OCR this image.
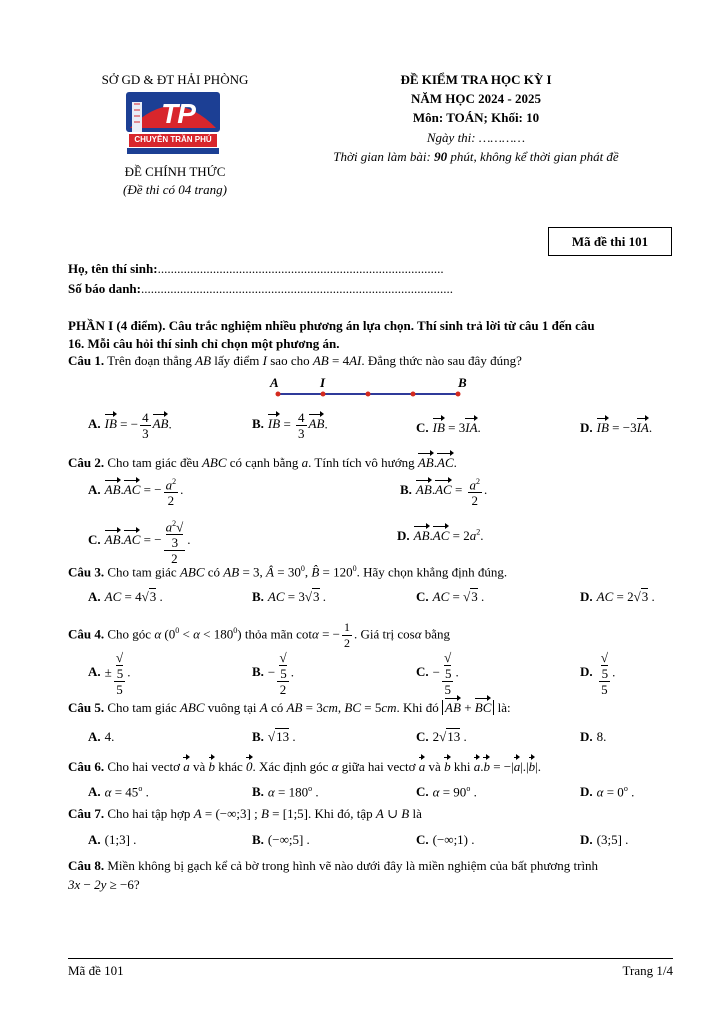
SỞ GD & ĐT HẢI PHÒNG
TP
CHUYÊN TRẦN PHÚ
ĐỀ CHÍNH THỨC
(Đề thi có 04 trang)
ĐỀ KIỂM TRA HỌC KỲ I
NĂM HỌC 2024 - 2025
Môn: TOÁN; Khối: 10
Ngày thi: …………
Thời gian làm bài: 90 phút, không kể thời gian phát đề
Mã đề thi 101
Họ, tên thí sinh:........................................................................................
Số báo danh:................................................................................................
PHẦN I (4 điểm). Câu trắc nghiệm nhiều phương án lựa chọn. Thí sinh trả lời từ câu 1 đến câu
16. Mỗi câu hỏi thí sinh chỉ chọn một phương án.
Câu 1. Trên đoạn thẳng AB lấy điểm I sao cho AB = 4AI. Đẳng thức nào sau đây đúng?
A	I	B
A. IB = − $\frac{4}{3}$ AB.	B. IB = $\frac{4}{3}$ AB.	C. IB = 3IA.	D. IB = −3IA.
Câu 2. Cho tam giác đều ABC có cạnh bằng a. Tính tích vô hướng AB.AC.
A. AB.AC = − $\frac{a^2}{2}$ .	B. $AB.AC = \frac{a^2}{2}$ .
C. AB.AC = − $a^2√$
3
2 .	D. $AB.AC = 2a^2$.
Câu 3. Cho tam giác ABC có AB = 3, Â = $30^0$, B̂ = $120^0$. Hãy chọn khẳng định đúng.
A. AC = 4√3 .	B. AC = 3√3 .	C. AC = √3 .	D. AC = 2√3 .
Câu 4. Cho góc α $(0^0 < \alpha < 180^0)$ thỏa mãn cotα = − $\frac{1}{2}$ . Giá trị cosα bằng
A. ± √
5
5 .	B. − √
5
2 .	C. − √
5
5 .	D. √
5
5 .
Câu 5. Cho tam giác ABC vuông tại A có AB = 3cm, BC = 5cm. Khi đó AB + BC là:
A. 4.	B. √13 .	C. 2√13 .	D. 8.
Câu 6. Cho hai vectơ a và b khác 0. Xác định góc α giữa hai vectơ a và b khi a.b = −|a|.|b|.
A. $\alpha = 45^o$ .	B. $\alpha = 180^o$ .	C. $\alpha = 90^o$ .	D. $\alpha = 0^o$ .
Câu 7. Cho hai tập hợp A = (−∞;3] ; B = [1;5]. Khi đó, tập A ∪ B là
A. (1;3] .	B. (−∞;5] .	C. (−∞;1) .	D. (3;5] .
Câu 8. Miền không bị gạch kể cả bờ trong hình vẽ nào dưới đây là miền nghiệm của bất phương trình
3x − 2y ≥ −6?
Mã đề 101	Trang 1/4
